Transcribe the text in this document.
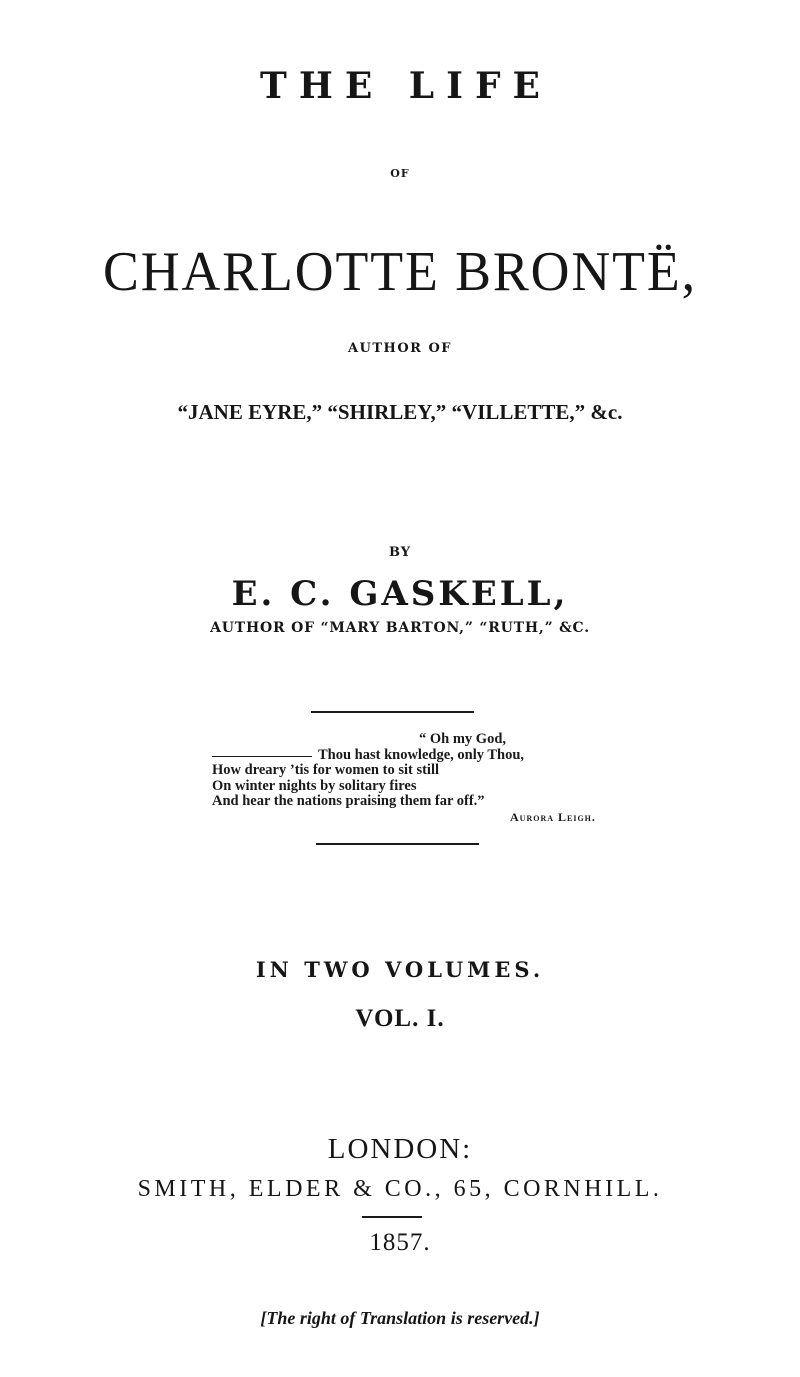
THE LIFE
OF
CHARLOTTE BRONTË,
AUTHOR OF
“JANE EYRE,” “SHIRLEY,” “VILLETTE,” &c.
BY
E. C. GASKELL,
AUTHOR OF “MARY BARTON,” “RUTH,” &C.
“ Oh my God,
Thou hast knowledge, only Thou,
How dreary ’tis for women to sit still
On winter nights by solitary fires
And hear the nations praising them far off.”
Aurora Leigh.
IN TWO VOLUMES.
VOL. I.
LONDON:
SMITH, ELDER & CO., 65, CORNHILL.
1857.
[The right of Translation is reserved.]
